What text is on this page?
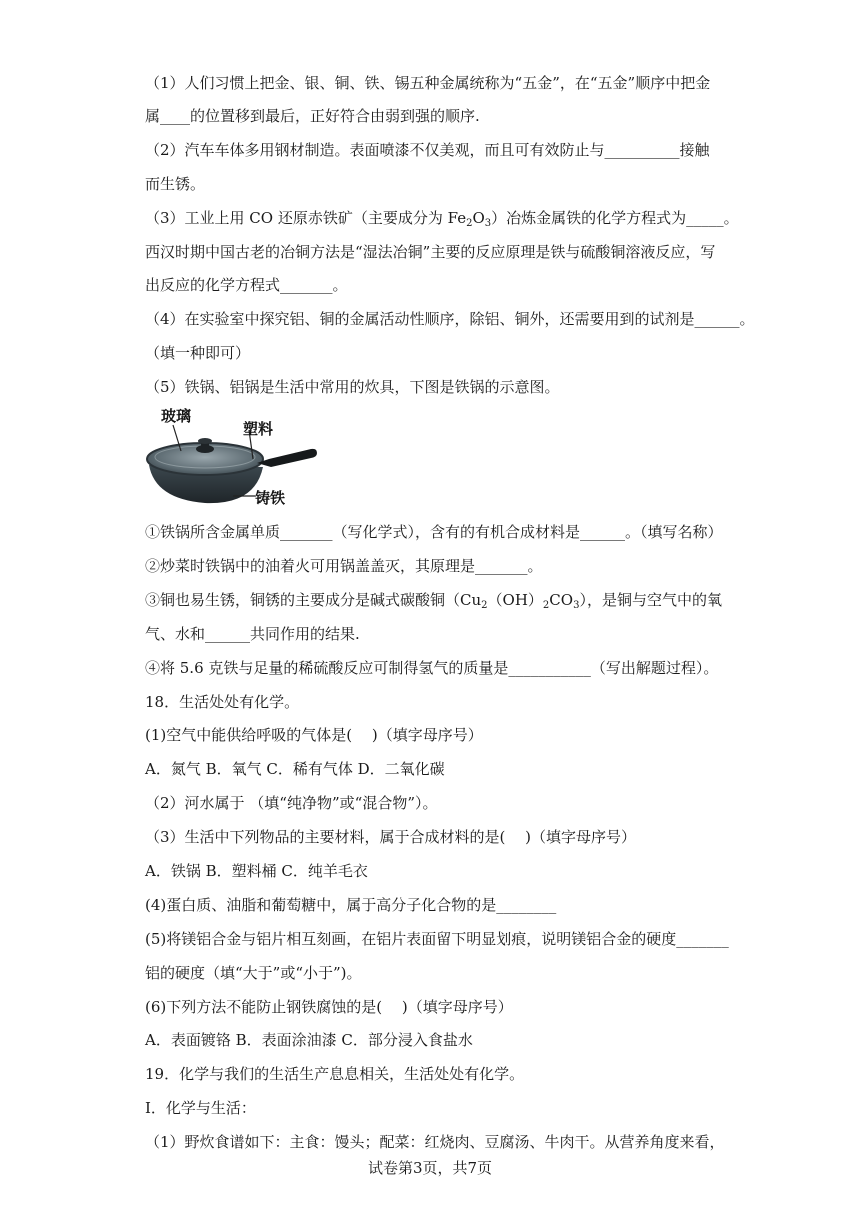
（1）人们习惯上把金、银、铜、铁、锡五种金属统称为“五金”，在“五金”顺序中把金
属____的位置移到最后，正好符合由弱到强的顺序.
（2）汽车车体多用钢材制造。表面喷漆不仅美观，而且可有效防止与__________接触
而生锈。
（3）工业上用 CO 还原赤铁矿（主要成分为 $Fe_2O_3$）冶炼金属铁的化学方程式为_____。
西汉时期中国古老的冶铜方法是“湿法冶铜”主要的反应原理是铁与硫酸铜溶液反应，写
出反应的化学方程式_______。
（4）在实验室中探究铝、铜的金属活动性顺序，除铝、铜外，还需要用到的试剂是______。
（填一种即可）
（5）铁锅、铝锅是生活中常用的炊具，下图是铁锅的示意图。
玻璃
塑料
铸铁
①铁锅所含金属单质_______（写化学式），含有的有机合成材料是______。（填写名称）
②炒菜时铁锅中的油着火可用锅盖盖灭，其原理是_______。
③铜也易生锈，铜锈的主要成分是碱式碳酸铜$(Cu_2(OH)_2CO_3)$，是铜与空气中的氧
气、水和______共同作用的结果.
④将 5.6 克铁与足量的稀硫酸反应可制得氢气的质量是___________（写出解题过程）。
18．生活处处有化学。
(1)空气中能供给呼吸的气体是(　 )（填字母序号）
A．氮气 B．氧气 C．稀有气体 D．二氧化碳
（2）河水属于 （填“纯净物”或“混合物”）。
（3）生活中下列物品的主要材料，属于合成材料的是(　 )（填字母序号）
A．铁锅 B．塑料桶 C．纯羊毛衣
(4)蛋白质、油脂和葡萄糖中，属于高分子化合物的是________
(5)将镁铝合金与铝片相互刻画，在铝片表面留下明显划痕，说明镁铝合金的硬度_______
铝的硬度（填“大于”或“小于”)。
(6)下列方法不能防止钢铁腐蚀的是(　 )（填字母序号）
A．表面镀铬 B．表面涂油漆 C．部分浸入食盐水
19．化学与我们的生活生产息息相关，生活处处有化学。
I．化学与生活：
（1）野炊食谱如下：主食：馒头；配菜：红烧肉、豆腐汤、牛肉干。从营养角度来看，
试卷第3页，共7页
